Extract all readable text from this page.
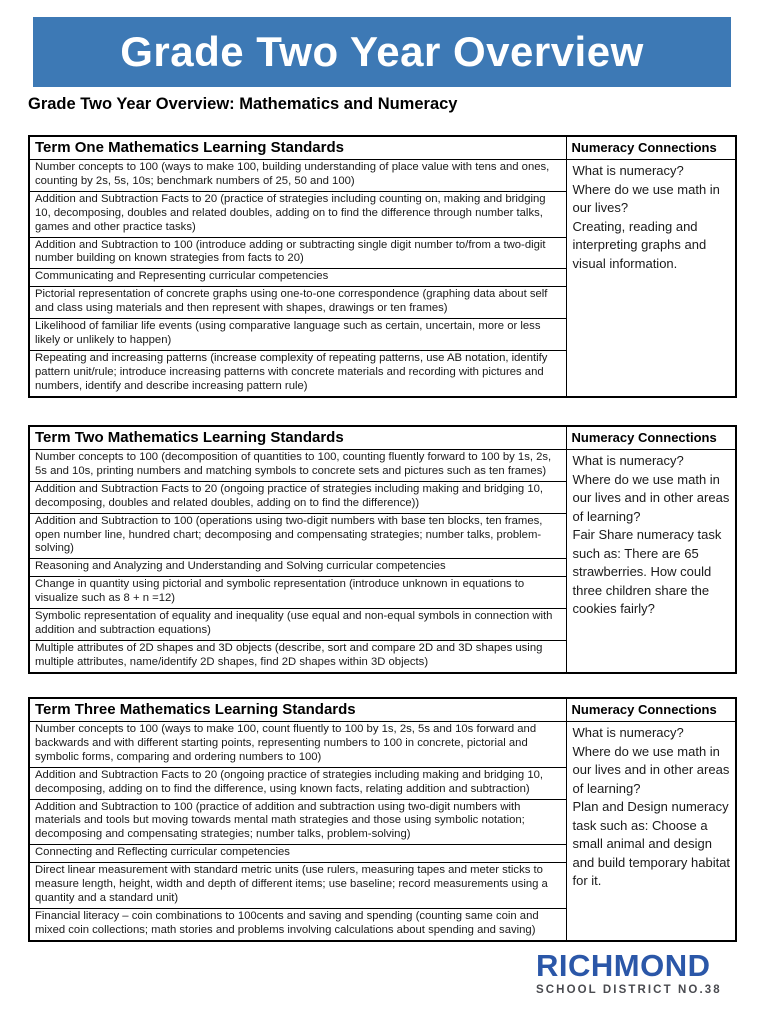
Grade Two Year Overview
Grade Two Year Overview: Mathematics and Numeracy
Term One Mathematics Learning Standards	Numeracy Connections
Number concepts to 100 (ways to make 100, building understanding of place value with tens and ones, counting by 2s, 5s, 10s; benchmark numbers of 25, 50 and 100)	What is numeracy?

Where do we use math in our lives?

Creating, reading and interpreting graphs and visual information.

Addition and Subtraction Facts to 20 (practice of strategies including counting on, making and bridging 10, decomposing, doubles and related doubles, adding on to find the difference through number talks, games and other practice tasks)	
Addition and Subtraction to 100 (introduce adding or subtracting single digit number to/from a two-digit number building on known strategies from facts to 20)	
Communicating and Representing curricular competencies	
Pictorial representation of concrete graphs using one-to-one correspondence (graphing data about self and class using materials and then represent with shapes, drawings or ten frames)	
Likelihood of familiar life events (using comparative language such as certain, uncertain, more or less likely or unlikely to happen)	
Repeating and increasing patterns (increase complexity of repeating patterns, use AB notation, identify pattern unit/rule; introduce increasing patterns with concrete materials and recording with pictures and numbers, identify and describe increasing pattern rule)	
Term Two Mathematics Learning Standards	Numeracy Connections
Number concepts to 100 (decomposition of quantities to 100, counting fluently forward to 100 by 1s, 2s, 5s and 10s, printing numbers and matching symbols to concrete sets and pictures such as ten frames)	

What is numeracy?

Where do we use math in our lives and in other areas of learning?

Fair Share numeracy task such as: There are 65 strawberries. How could three children share the cookies fairly?

Addition and Subtraction Facts to 20 (ongoing practice of strategies including making and bridging 10, decomposing, doubles and related doubles, adding on to find the difference))	
Addition and Subtraction to 100 (operations using two-digit numbers with base ten blocks, ten frames, open number line, hundred chart; decomposing and compensating strategies; number talks, problem-solving)	
Reasoning and Analyzing and Understanding and Solving curricular competencies	
Change in quantity using pictorial and symbolic representation (introduce unknown in equations to visualize such as 8 + n =12)	
Symbolic representation of equality and inequality (use equal and non-equal symbols in connection with addition and subtraction equations)	
Multiple attributes of 2D shapes and 3D objects (describe, sort and compare 2D and 3D shapes using multiple attributes, name/identify 2D shapes, find 2D shapes within 3D objects)	
Term Three Mathematics Learning Standards	Numeracy Connections
Number concepts to 100 (ways to make 100, count fluently to 100 by 1s, 2s, 5s and 10s forward and backwards and with different starting points, representing numbers to 100 in concrete, pictorial and symbolic forms, comparing and ordering numbers to 100)	

What is numeracy?

Where do we use math in our lives and in other areas of learning?

Plan and Design numeracy task such as: Choose a small animal and design and build temporary habitat for it.

Addition and Subtraction Facts to 20 (ongoing practice of strategies including making and bridging 10, decomposing, adding on to find the difference, using known facts, relating addition and subtraction)	
Addition and Subtraction to 100 (practice of addition and subtraction using two-digit numbers with materials and tools but moving towards mental math strategies and those using symbolic notation; decomposing and compensating strategies; number talks, problem-solving)	
Connecting and Reflecting curricular competencies	
Direct linear measurement with standard metric units (use rulers, measuring tapes and meter sticks to measure length, height, width and depth of different items; use baseline; record measurements using a quantity and a standard unit)	
Financial literacy – coin combinations to 100cents and saving and spending (counting same coin and mixed coin collections; math stories and problems involving calculations about spending and saving)	
RICHMOND
SCHOOL DISTRICT NO.38
